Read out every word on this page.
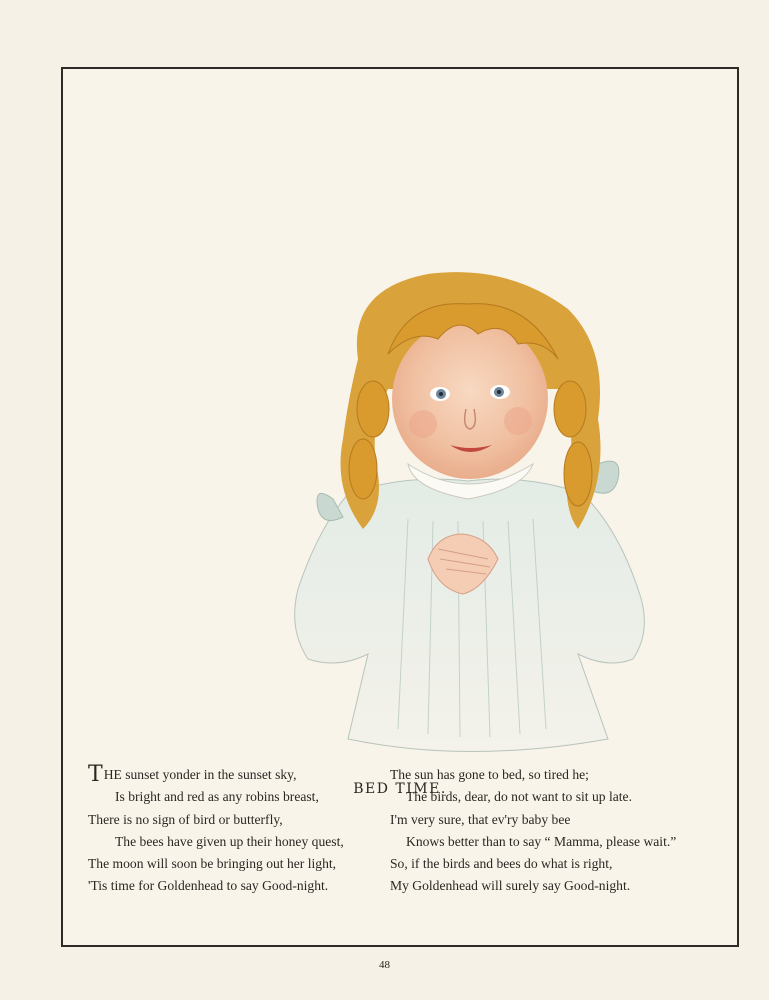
BED TIME.
THE sunset yonder in the sunset sky,
Is bright and red as any robins breast,
There is no sign of bird or butterfly,
The bees have given up their honey quest,
The moon will soon be bringing out her light,
'Tis time for Goldenhead to say Good-night.
The sun has gone to bed, so tired he;
The birds, dear, do not want to sit up late.
I'm very sure, that ev'ry baby bee
Knows better than to say “ Mamma, please wait.”
So, if the birds and bees do what is right,
My Goldenhead will surely say Good-night.
48
